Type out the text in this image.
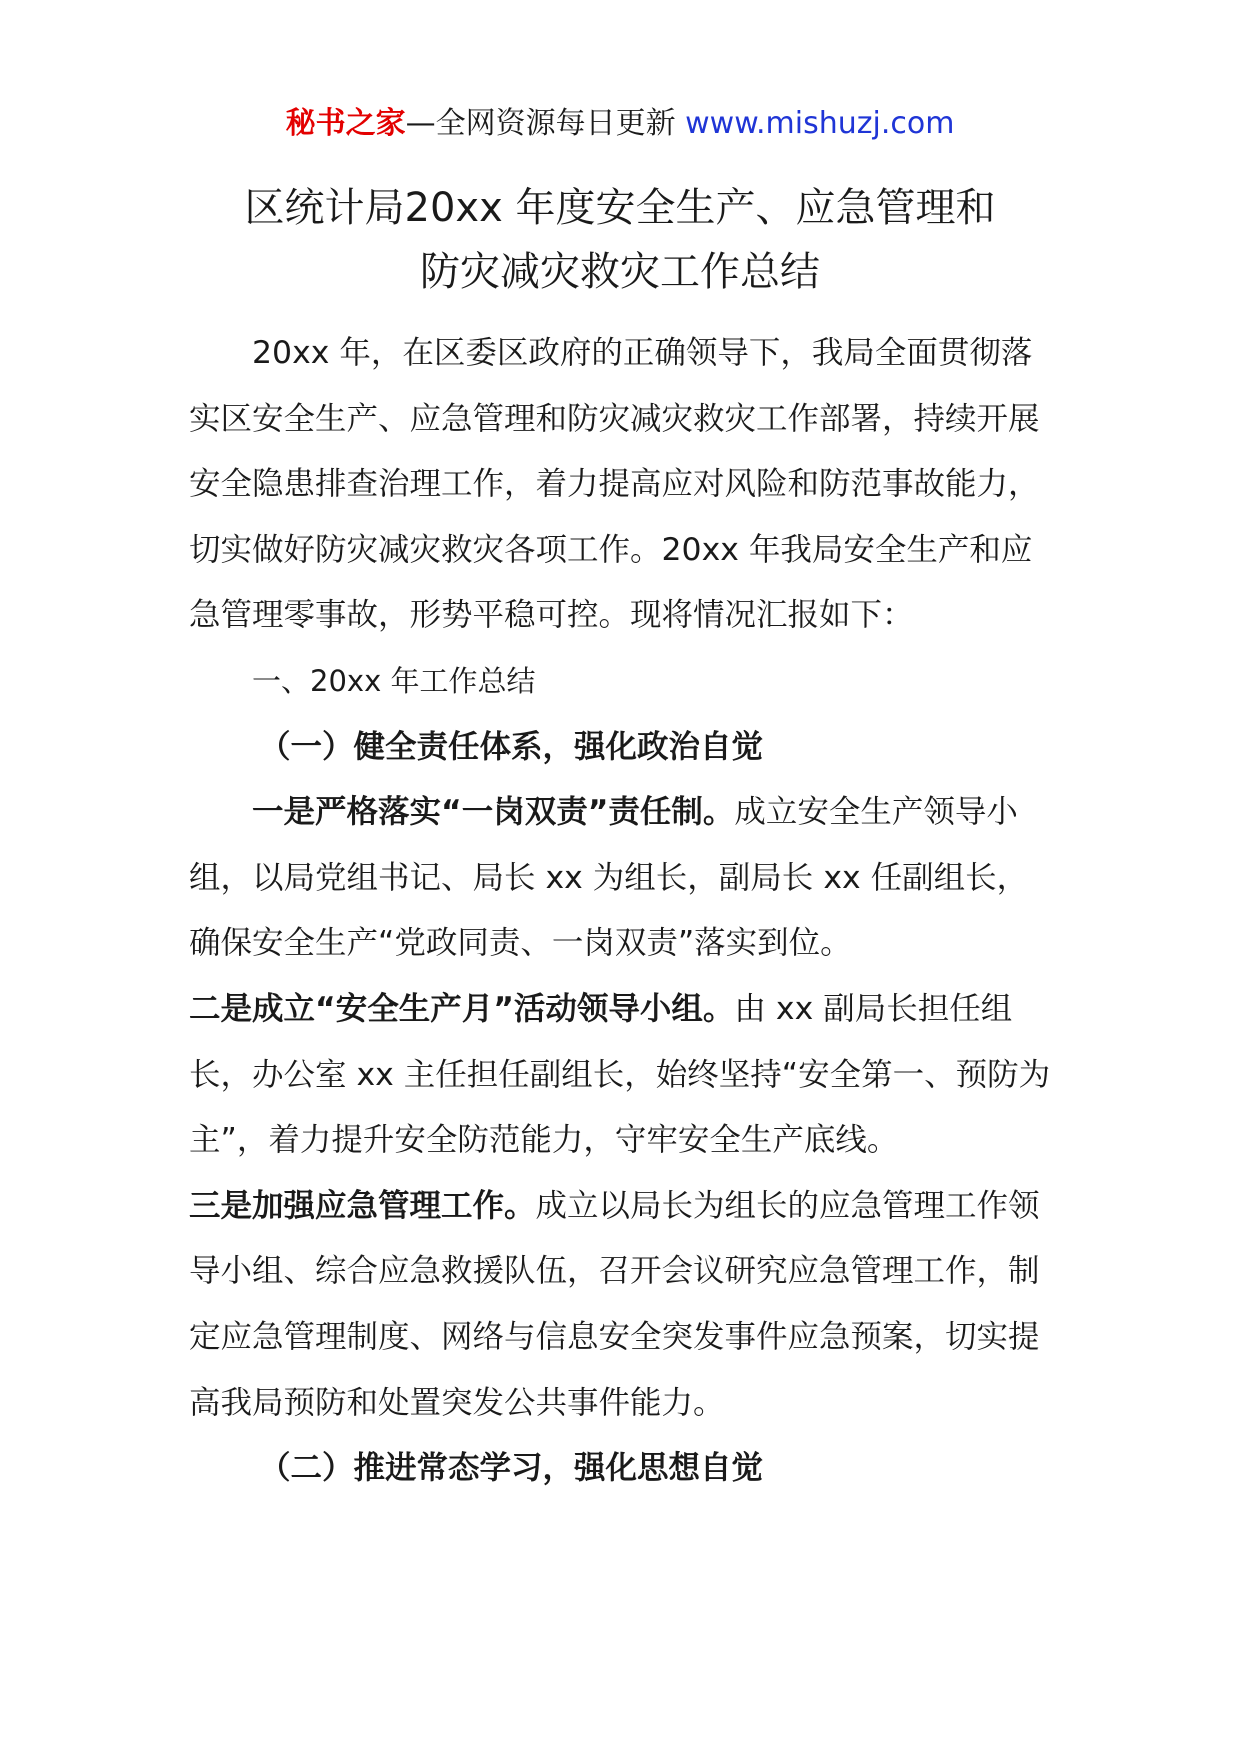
秘书之家—全网资源每日更新 www.mishuzj.com
区统计局20xx 年度安全生产、应急管理和
防灾减灾救灾工作总结

20xx 年，在区委区政府的正确领导下，我局全面贯彻落实区安全生产、应急管理和防灾减灾救灾工作部署，持续开展安全隐患排查治理工作，着力提高应对风险和防范事故能力，切实做好防灾减灾救灾各项工作。20xx 年我局安全生产和应急管理零事故，形势平稳可控。现将情况汇报如下：

一、20xx 年工作总结

（一）健全责任体系，强化政治自觉

一是严格落实“一岗双责”责任制。成立安全生产领导小组，以局党组书记、局长 xx 为组长，副局长 xx 任副组长，确保安全生产“党政同责、一岗双责”落实到位。

二是成立“安全生产月”活动领导小组。由 xx 副局长担任组长，办公室 xx 主任担任副组长，始终坚持“安全第一、预防为主”，着力提升安全防范能力，守牢安全生产底线。

三是加强应急管理工作。成立以局长为组长的应急管理工作领导小组、综合应急救援队伍，召开会议研究应急管理工作，制定应急管理制度、网络与信息安全突发事件应急预案，切实提高我局预防和处置突发公共事件能力。

（二）推进常态学习，强化思想自觉
